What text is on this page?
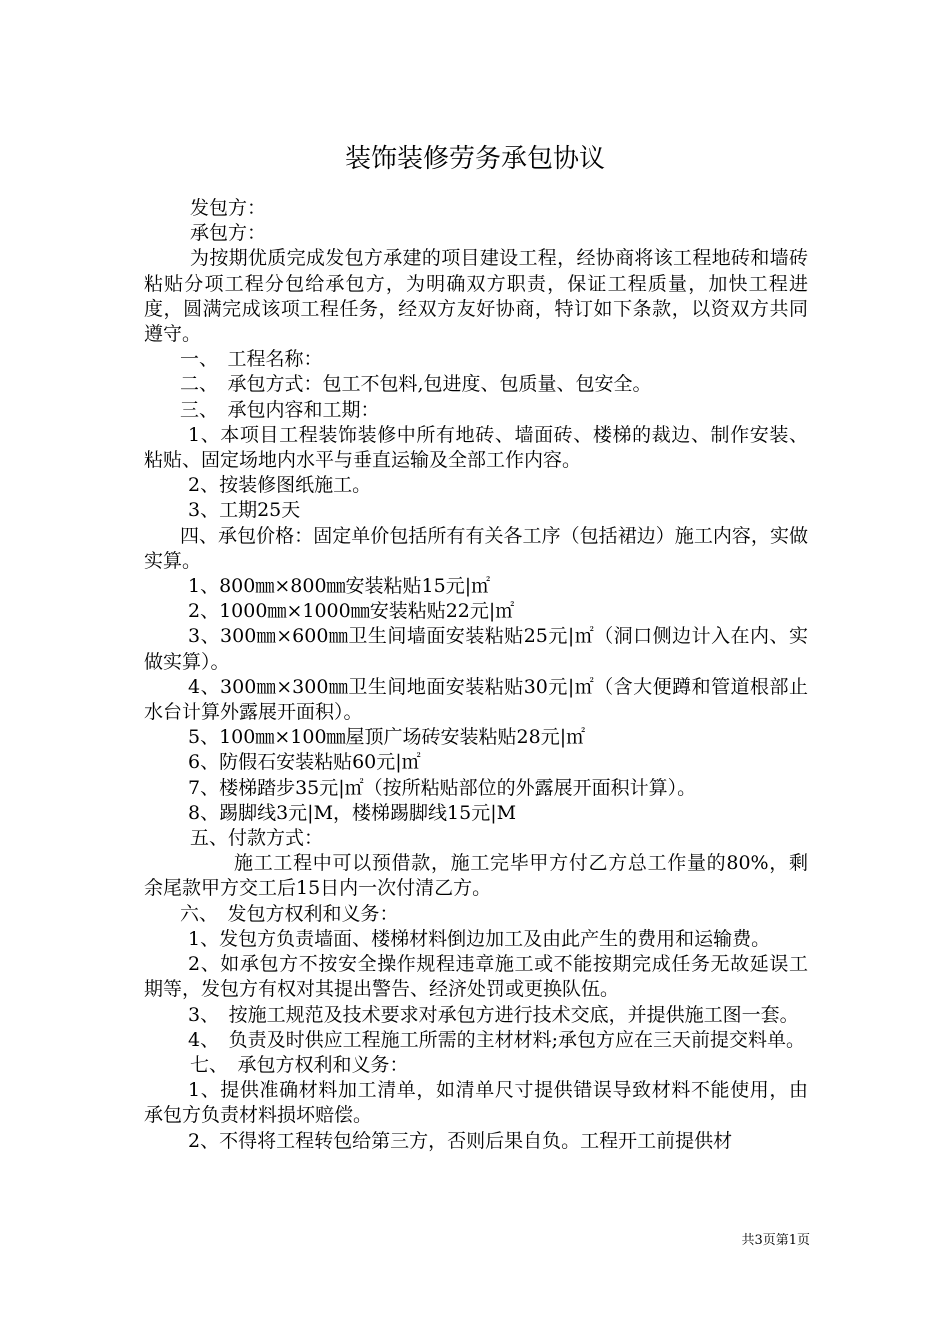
装饰装修劳务承包协议

发包方：

承包方：

为按期优质完成发包方承建的项目建设工程，经协商将该工程地砖和墙砖粘贴分项工程分包给承包方，为明确双方职责，保证工程质量，加快工程进度，圆满完成该项工程任务，经双方友好协商，特订如下条款，以资双方共同遵守。

一、　工程名称：

二、　承包方式：包工不包料,包进度、包质量、包安全。

三、　承包内容和工期：

1、本项目工程装饰装修中所有地砖、墙面砖、楼梯的裁边、制作安装、粘贴、固定场地内水平与垂直运输及全部工作内容。

2、按装修图纸施工。

3、工期25天

四、承包价格：固定单价包括所有有关各工序（包括裙边）施工内容，实做实算。

1、800㎜×800㎜安装粘贴15元|㎡

2、1000㎜×1000㎜安装粘贴22元|㎡

3、300㎜×600㎜卫生间墙面安装粘贴25元|㎡（洞口侧边计入在内、实做实算）。

4、300㎜×300㎜卫生间地面安装粘贴30元|㎡（含大便蹲和管道根部止水台计算外露展开面积）。

5、100㎜×100㎜屋顶广场砖安装粘贴28元|㎡

6、防假石安装粘贴60元|㎡

7、楼梯踏步35元|㎡（按所粘贴部位的外露展开面积计算）。

8、踢脚线3元|M，楼梯踢脚线15元|M

五、付款方式：

施工工程中可以预借款，施工完毕甲方付乙方总工作量的80%，剩余尾款甲方交工后15日内一次付清乙方。

六、　发包方权利和义务：

1、发包方负责墙面、楼梯材料倒边加工及由此产生的费用和运输费。

2、如承包方不按安全操作规程违章施工或不能按期完成任务无故延误工期等，发包方有权对其提出警告、经济处罚或更换队伍。

3、　按施工规范及技术要求对承包方进行技术交底，并提供施工图一套。

4、　负责及时供应工程施工所需的主材材料;承包方应在三天前提交料单。

七、　承包方权利和义务：

1、提供准确材料加工清单，如清单尺寸提供错误导致材料不能使用，由承包方负责材料损坏赔偿。

2、不得将工程转包给第三方，否则后果自负。工程开工前提供材

共3页第1页
